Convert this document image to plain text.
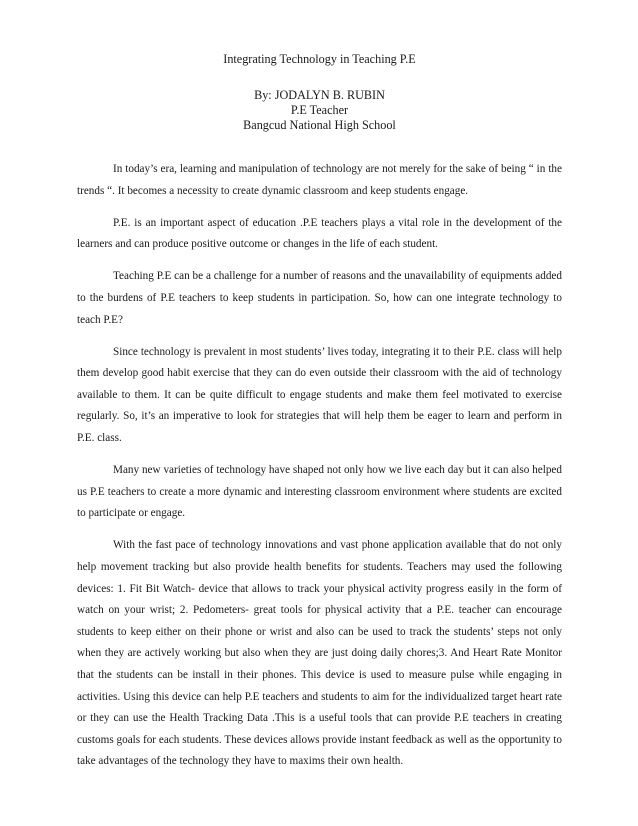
Integrating Technology in Teaching P.E

By: JODALYN B. RUBIN

P.E Teacher

Bangcud National High School

In today’s era, learning and manipulation of technology are not merely for the sake of being “ in the trends “. It becomes a necessity to create dynamic classroom and keep students engage.

P.E. is an important aspect of education .P.E teachers plays a vital role in the development of the learners and can produce positive outcome or changes in the life of each student.

Teaching P.E can be a challenge for a number of reasons and the unavailability of equipments added to the burdens of P.E teachers to keep students in participation. So, how can one integrate technology to teach P.E?

Since technology is prevalent in most students’ lives today, integrating it to their P.E. class will help them develop good habit exercise that they can do even outside their classroom with the aid of technology available to them. It can be quite difficult to engage students and make them feel motivated to exercise regularly. So, it’s an imperative to look for strategies that will help them be eager to learn and perform in P.E. class.

Many new varieties of technology have shaped not only how we live each day but it can also helped us P.E teachers to create a more dynamic and interesting classroom environment where students are excited to participate or engage.

With the fast pace of technology innovations and vast phone application available that do not only help movement tracking but also provide health benefits for students. Teachers may used the following devices: 1. Fit Bit Watch- device that allows to track your physical activity progress easily in the form of watch on your wrist; 2. Pedometers- great tools for physical activity that a P.E. teacher can encourage students to keep either on their phone or wrist and also can be used to track the students’ steps not only when they are actively working but also when they are just doing daily chores;3. And Heart Rate Monitor that the students can be install in their phones. This device is used to measure pulse while engaging in activities. Using this device can help P.E teachers and students to aim for the individualized target heart rate or they can use the Health Tracking Data .This is a useful tools that can provide P.E teachers in creating customs goals for each students. These devices allows provide instant feedback as well as the opportunity to take advantages of the technology they have to maxims their own health.
